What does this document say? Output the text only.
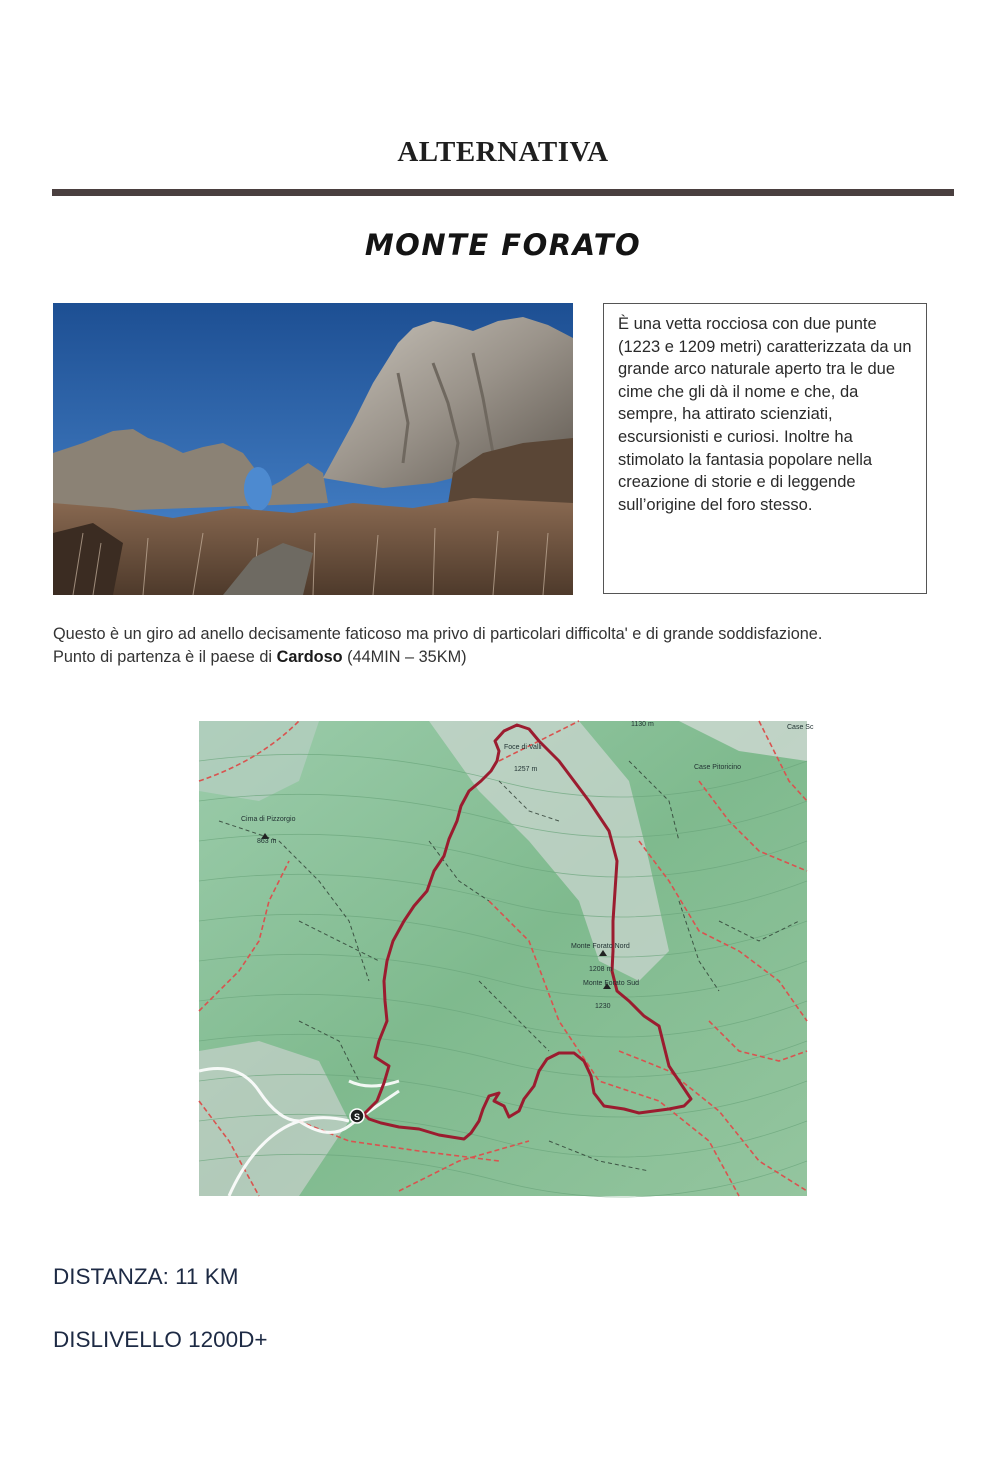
ALTERNATIVA
MONTE FORATO

È una vetta rocciosa con due punte (1223 e 1209 metri) caratterizzata da un grande arco naturale aperto tra le due cime che gli dà il nome e che, da sempre, ha attirato scienziati, escursionisti e curiosi. Inoltre ha stimolato la fantasia popolare nella creazione di storie e di leggende sull’origine del foro stesso.

Questo è un giro ad anello decisamente faticoso ma privo di particolari difficolta' e di grande soddisfazione.

Punto di partenza è il paese di Cardoso (44MIN – 35KM)

S
Foce di Valli
1257 m	Case Pitoricino
Case Sc
1130 m
Cima di Pizzorgio
863 m
Monte Forato Nord
1208 m
Monte Forato Sud
1230
DISTANZA: 11 KM
DISLIVELLO 1200D+
